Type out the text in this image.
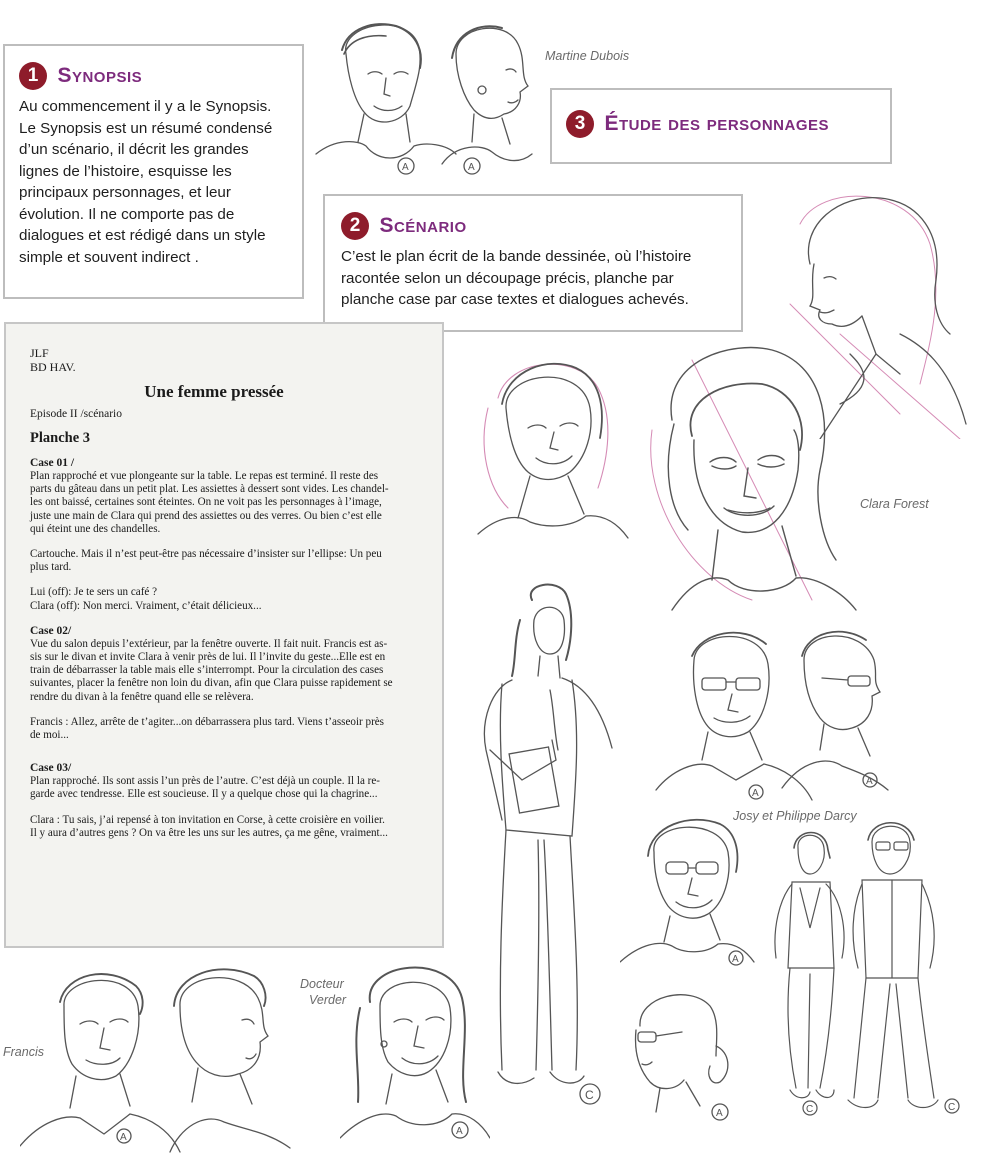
1 Synopsis
Au commencement il y a le Synopsis.
Le Synopsis est un résumé condensé
d’un scénario, il décrit les grandes
lignes de l’histoire, esquisse les
principaux personnages, et leur
évolution. Il ne comporte pas de
dialogues et est rédigé dans un style
simple et souvent indirect .
3 Étude des personnages
2 Scénario
C’est le plan écrit de la bande dessinée, où l’histoire
racontée selon un découpage précis, planche par
planche case par case textes et dialogues achevés.
JLF
BD HAV.
Une femme pressée
Episode II /scénario
Planche 3
Case 01 /

Plan rapproché et vue plongeante sur la table. Le repas est terminé. Il reste des

parts du gâteau dans un petit plat. Les assiettes à dessert sont vides. Les chandel-

les ont baissé, certaines sont éteintes. On ne voit pas les personnages à l’image,

juste une main de Clara qui prend des assiettes ou des verres. Ou bien c’est elle

qui éteint une des chandelles.

Cartouche. Mais il n’est peut-être pas nécessaire d’insister sur l’ellipse: Un peu

plus tard.

Lui (off): Je te sers un café ?

Clara (off): Non merci. Vraiment, c’était délicieux...

Case 02/

Vue du salon depuis l’extérieur, par la fenêtre ouverte. Il fait nuit. Francis est as-

sis sur le divan et invite Clara à venir près de lui. Il l’invite du geste...Elle est en

train de débarrasser la table mais elle s’interrompt. Pour la circulation des cases

suivantes, placer la fenêtre non loin du divan, afin que Clara puisse rapidement se

rendre du divan à la fenêtre quand elle se relèvera.

Francis : Allez, arrête de t’agiter...on débarrassera plus tard. Viens t’asseoir près

de moi...

Case 03/

Plan rapproché. Ils sont assis l’un près de l’autre. C’est déjà un couple. Il la re-

garde avec tendresse. Elle est soucieuse. Il y a quelque chose qui la chagrine...

Clara : Tu sais, j’ai repensé à ton invitation en Corse, à cette croisière en voilier.

Il y aura d’autres gens ? On va être les uns sur les autres, ça me gêne, vraiment...

Martine Dubois
Clara Forest
Josy et Philippe Darcy
Docteur
Verder
Francis
A	A
C
A
A
A
A	C	C
A
A
